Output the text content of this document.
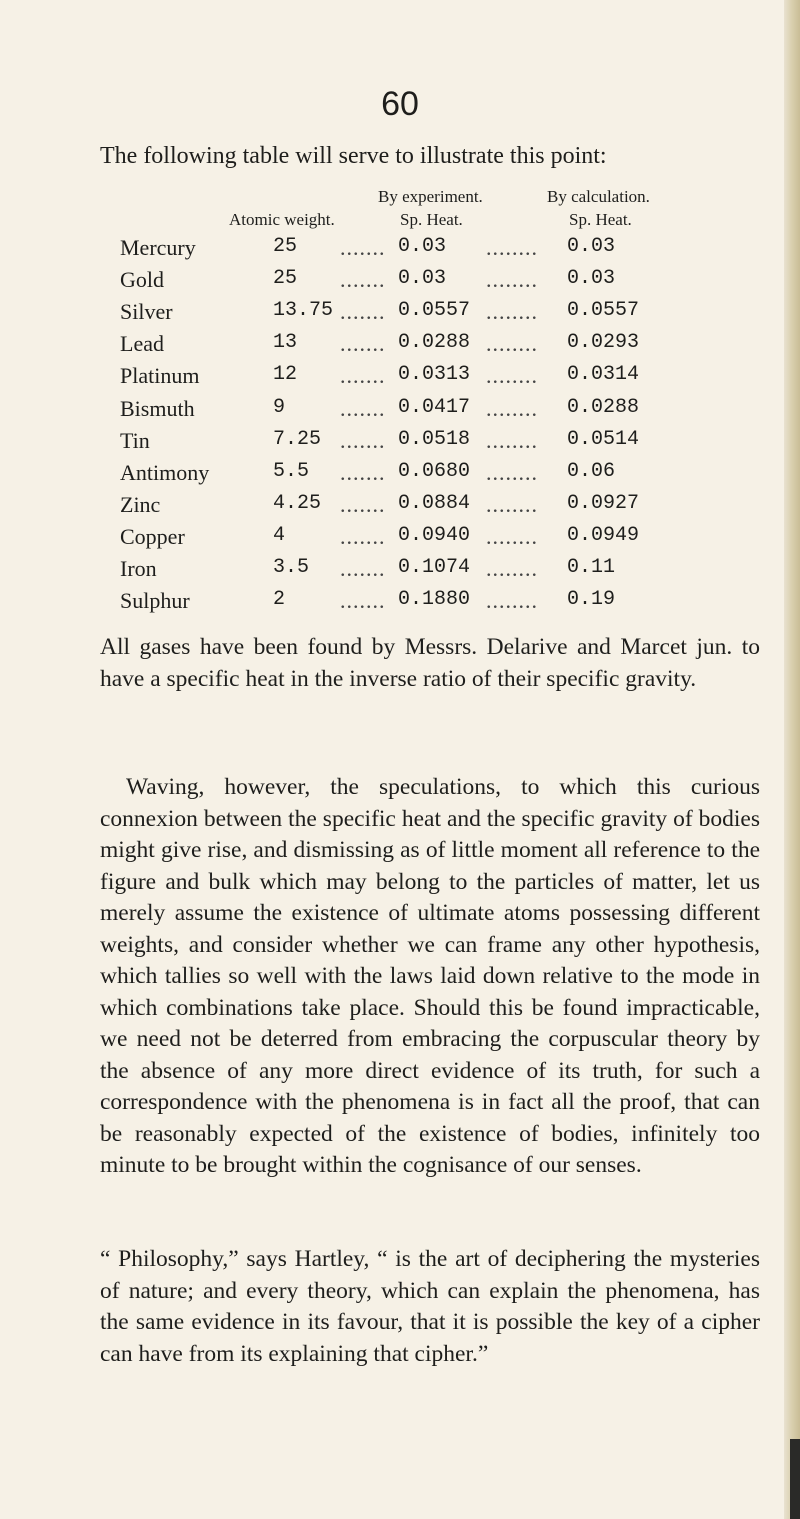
60
The following table will serve to illustrate this point:
By experiment.	By calculation.
Atomic weight.	Sp. Heat.	Sp. Heat.
Mercury	25	0.03	0.03
.......	........
Gold	25	0.03	0.03
.......	........
Silver	13.75	0.0557	0.0557
.......	........
Lead	13	0.0288	0.0293
.......	........
Platinum	12	0.0313	0.0314
.......	........
Bismuth	9	0.0417	0.0288
.......	........
Tin	7.25	0.0518	0.0514
.......	........
Antimony	5.5	0.0680	0.06
.......	........
Zinc	4.25	0.0884	0.0927
.......	........
Copper	4	0.0940	0.0949
.......	........
Iron	3.5	0.1074	0.11
.......	........
Sulphur	2	0.1880	0.19
.......	........
All gases have been found by Messrs. Delarive and Marcet jun. to have a specific heat in the inverse ratio of their specific gravity.
Waving, however, the speculations, to which this curious connexion between the specific heat and the specific gravity of bodies might give rise, and dismissing as of little moment all reference to the figure and bulk which may belong to the particles of matter, let us merely assume the existence of ultimate atoms possessing different weights, and consider whether we can frame any other hypothesis, which tallies so well with the laws laid down relative to the mode in which combinations take place. Should this be found impracticable, we need not be deterred from embracing the corpuscular theory by the absence of any more direct evidence of its truth, for such a correspondence with the phenomena is in fact all the proof, that can be reasonably expected of the existence of bodies, infinitely too minute to be brought within the cognisance of our senses.
“ Philosophy,” says Hartley, “ is the art of deciphering the mysteries of nature; and every theory, which can explain the phenomena, has the same evidence in its favour, that it is possible the key of a cipher can have from its explaining that cipher.”
